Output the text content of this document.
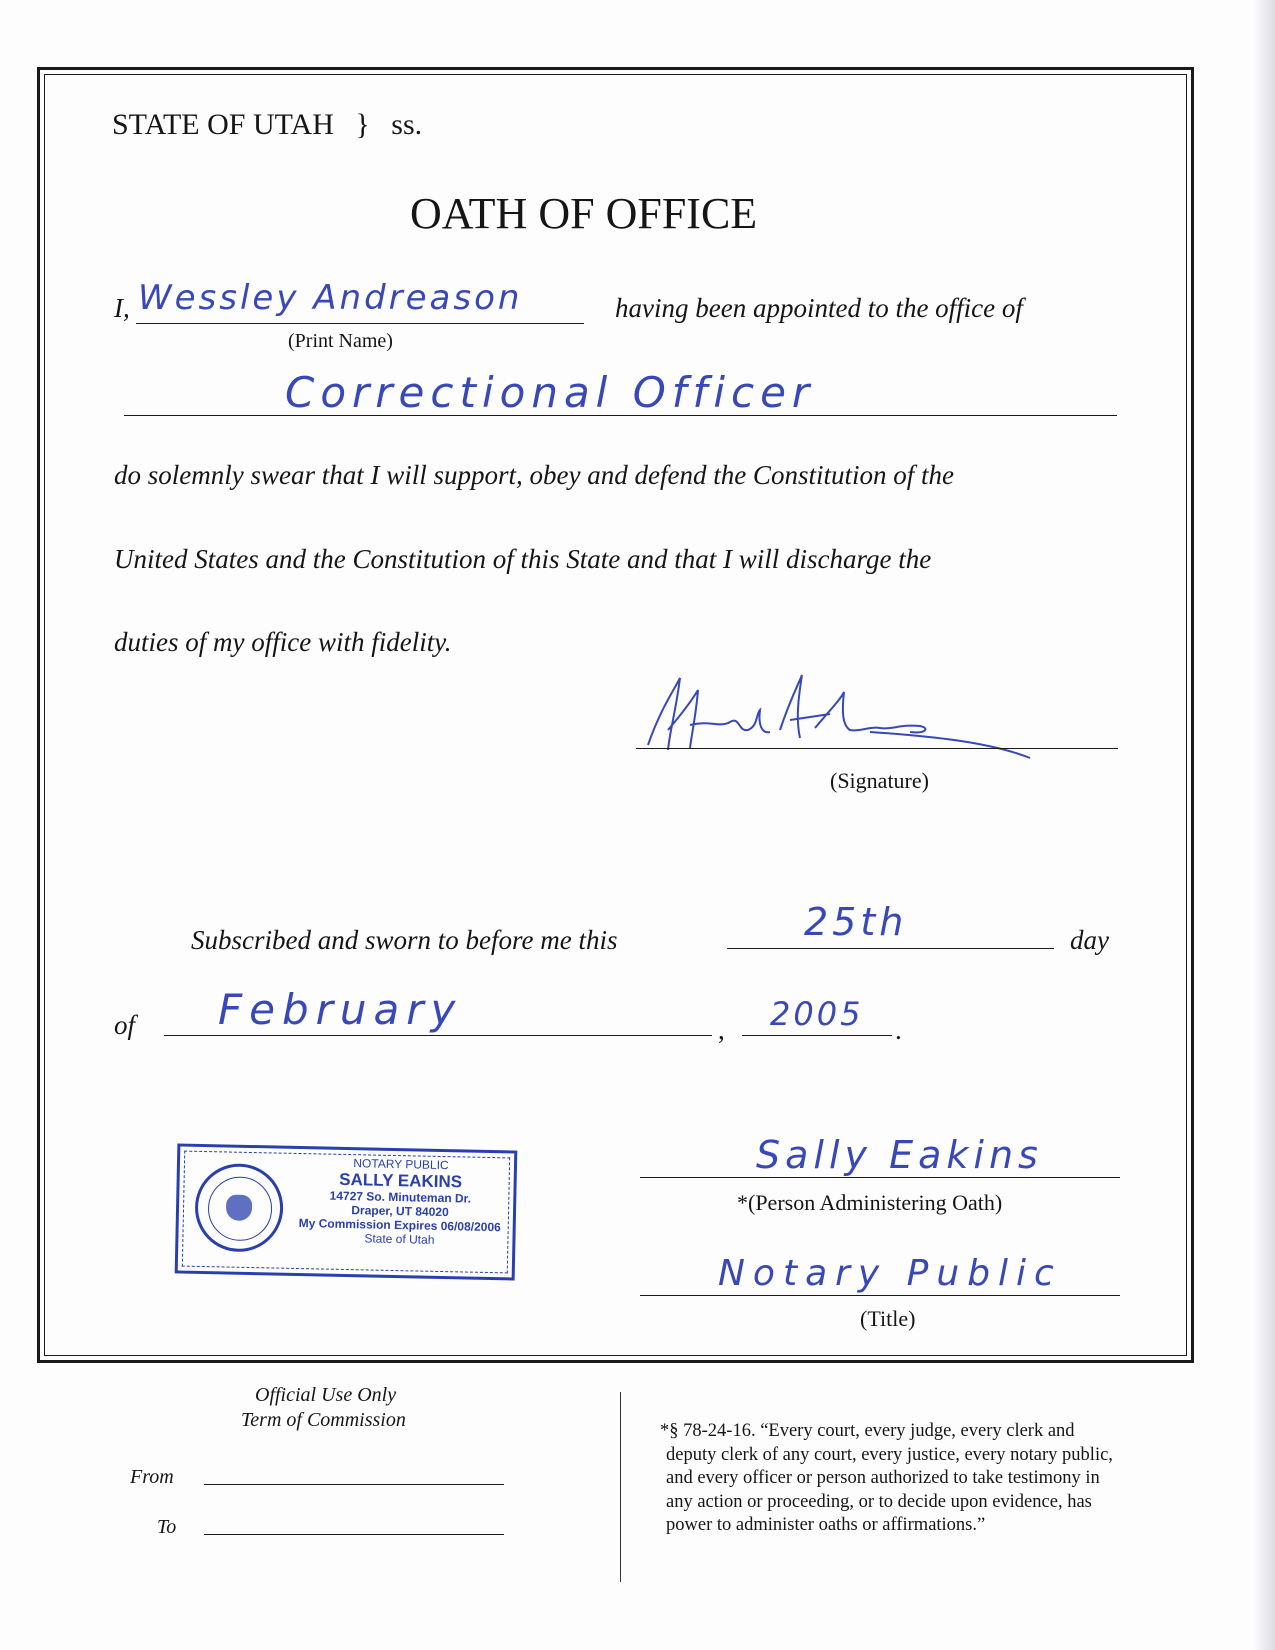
STATE OF UTAH } ss.
OATH OF OFFICE
I, Wessley Andreason
(Print Name)
having been appointed to the office of
Correctional Officer
do solemnly swear that I will support, obey and defend the Constitution of the
United States and the Constitution of this State and that I will discharge the
duties of my office with fidelity.
(Signature)
Subscribed and sworn to before me this	25th	day
of February	, 2005 .
NOTARY PUBLIC
SALLY EAKINS
14727 So. Minuteman Dr.
Draper, UT 84020
My Commission Expires 06/08/2006
State of Utah
Sally Eakins
*(Person Administering Oath)
Notary Public
(Title)
Official Use Only
Term of Commission
From
To
*§ 78-24-16. “Every court, every judge, every clerk and
deputy clerk of any court, every justice, every notary public,
and every officer or person authorized to take testimony in
any action or proceeding, or to decide upon evidence, has
power to administer oaths or affirmations.”
